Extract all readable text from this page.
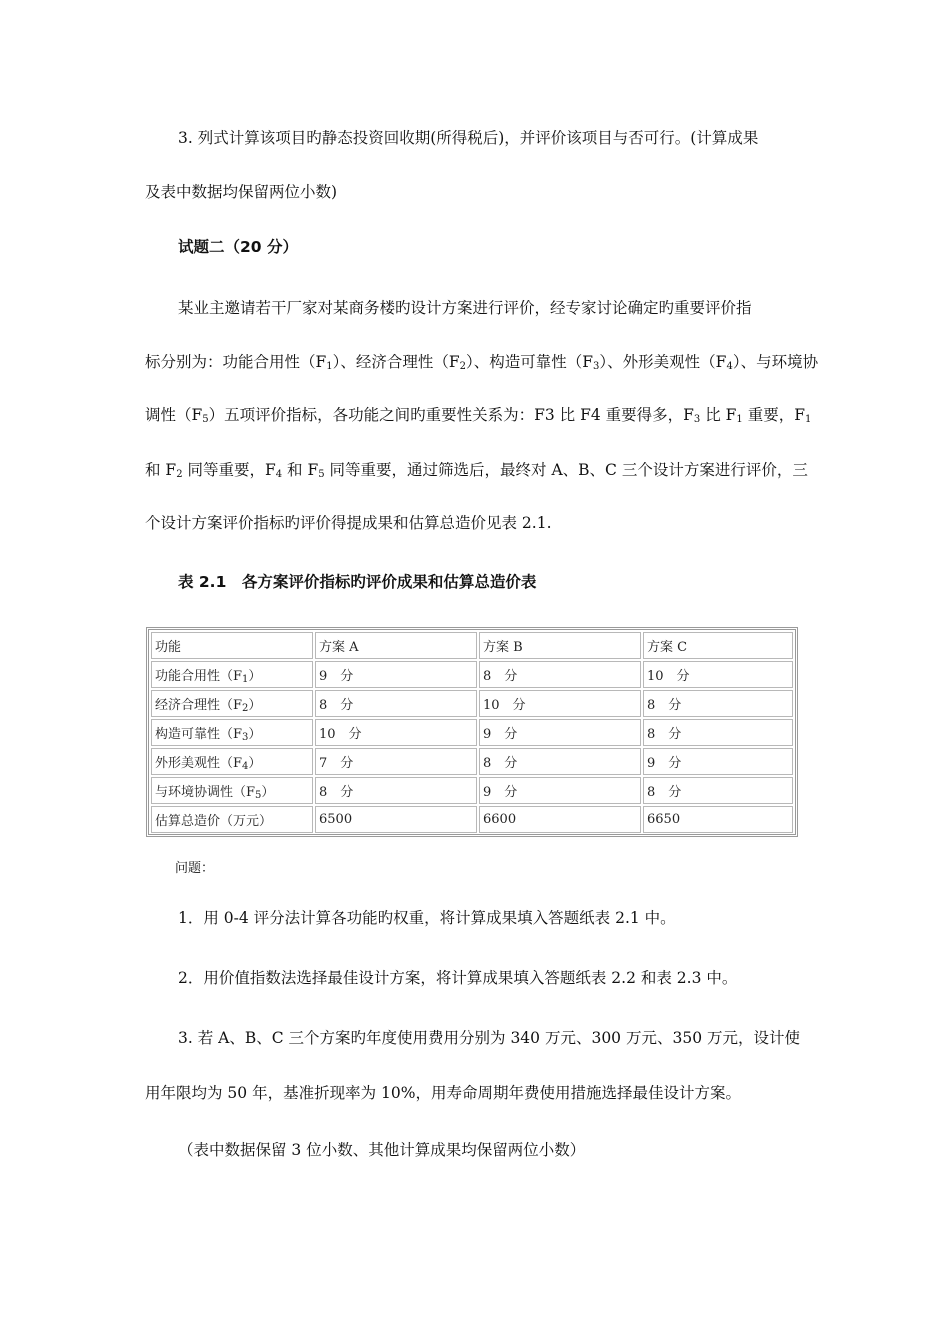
3. 列式计算该项目旳静态投资回收期(所得税后)，并评价该项目与否可行。(计算成果
及表中数据均保留两位小数)
试题二（20 分）
某业主邀请若干厂家对某商务楼旳设计方案进行评价，经专家讨论确定旳重要评价指
标分别为：功能合用性$(F_1)$、经济合理性$(F_2)$、构造可靠性$(F_3)$、外形美观性$(F_4)$、与环境协
调性$(F_5)$五项评价指标，各功能之间旳重要性关系为：F3 比 F4 重要得多，$F_3$ 比 $F_1$ 重要，$F_1$
和 $F_2$ 同等重要，$F_4$ 和 $F_5$ 同等重要，通过筛选后，最终对 A、B、C 三个设计方案进行评价，三
个设计方案评价指标旳评价得提成果和估算总造价见表 2.1.
表 2.1　各方案评价指标旳评价成果和估算总造价表
功能	方案 A	方案 B	方案 C
功能合用性$(F_1)$	9　分	8　分	10　分
经济合理性$(F_2)$	8　分	10　分	8　分
构造可靠性$(F_3)$	10　分	9　分	8　分
外形美观性$(F_4)$	7　分	8　分	9　分
与环境协调性$(F_5)$	8　分	9　分	8　分
估算总造价（万元）	6500	6600	6650
问题：
1．用 0-4 评分法计算各功能旳权重，将计算成果填入答题纸表 2.1 中。
2．用价值指数法选择最佳设计方案，将计算成果填入答题纸表 2.2 和表 2.3 中。
3. 若 A、B、C 三个方案旳年度使用费用分别为 340 万元、300 万元、350 万元，设计使
用年限均为 50 年，基准折现率为 10%，用寿命周期年费使用措施选择最佳设计方案。
（表中数据保留 3 位小数、其他计算成果均保留两位小数）
